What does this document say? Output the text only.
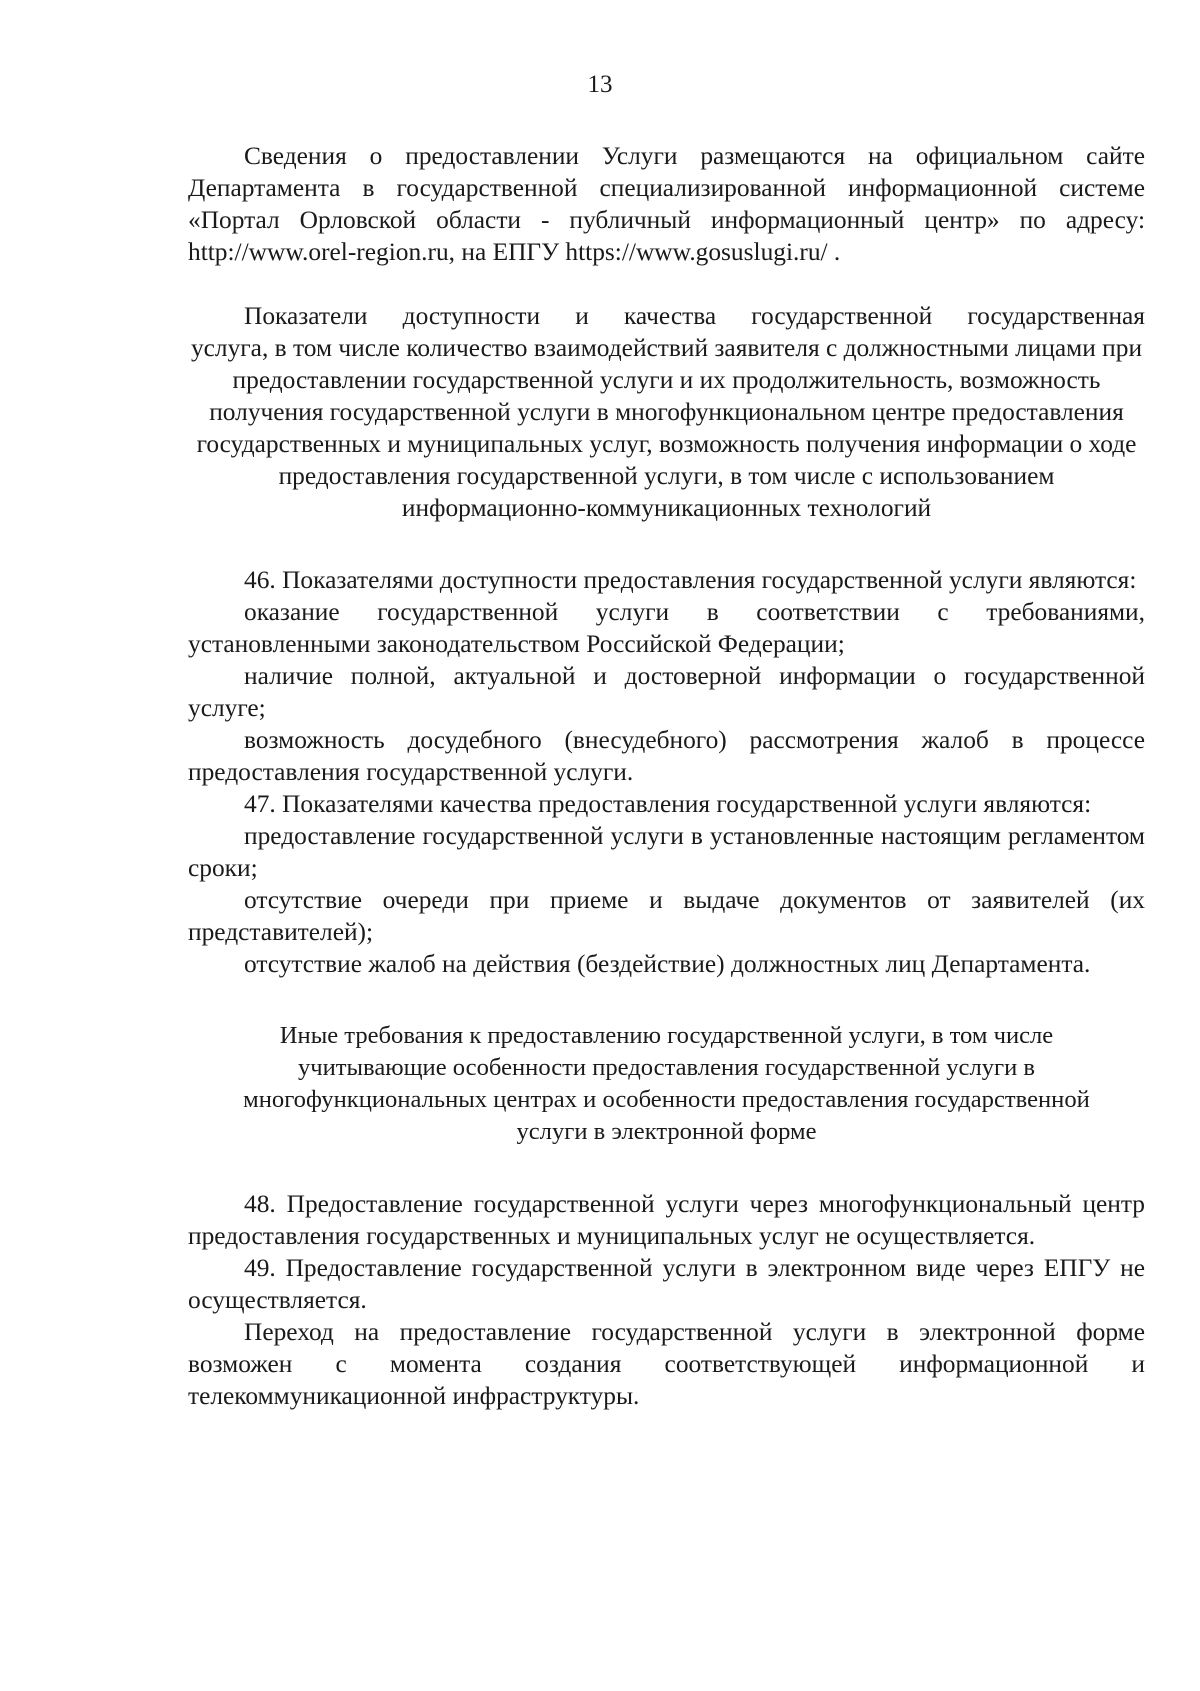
13

Сведения о предоставлении Услуги размещаются на официальном сайте Департамента в государственной специализированной информационной системе «Портал Орловской области - публичный информационный центр» по адресу: http://www.orel-region.ru, на ЕПГУ https://www.gosuslugi.ru/ .

Показатели доступности и качества государственной государственная
услуга, в том числе количество взаимодействий заявителя с должностными лицами при предоставлении государственной услуги и их продолжительность, возможность получения государственной услуги в многофункциональном центре предоставления государственных и муниципальных услуг, возможность получения информации о ходе предоставления государственной услуги, в том числе с использованием информационно-коммуникационных технологий

46. Показателями доступности предоставления государственной услуги являются:

оказание государственной услуги в соответствии с требованиями, установленными законодательством Российской Федерации;

наличие полной, актуальной и достоверной информации о государственной услуге;

возможность досудебного (внесудебного) рассмотрения жалоб в процессе предоставления государственной услуги.

47. Показателями качества предоставления государственной услуги являются:

предоставление государственной услуги в установленные настоящим регламентом сроки;

отсутствие очереди при приеме и выдаче документов от заявителей (их представителей);

отсутствие жалоб на действия (бездействие) должностных лиц Департамента.

Иные требования к предоставлению государственной услуги, в том числе учитывающие особенности предоставления государственной услуги в многофункциональных центрах и особенности предоставления государственной услуги в электронной форме

48. Предоставление государственной услуги через многофункциональный центр предоставления государственных и муниципальных услуг не осуществляется.

49. Предоставление государственной услуги в электронном виде через ЕПГУ не осуществляется.

Переход на предоставление государственной услуги в электронной форме возможен с момента создания соответствующей информационной и телекоммуникационной инфраструктуры.
